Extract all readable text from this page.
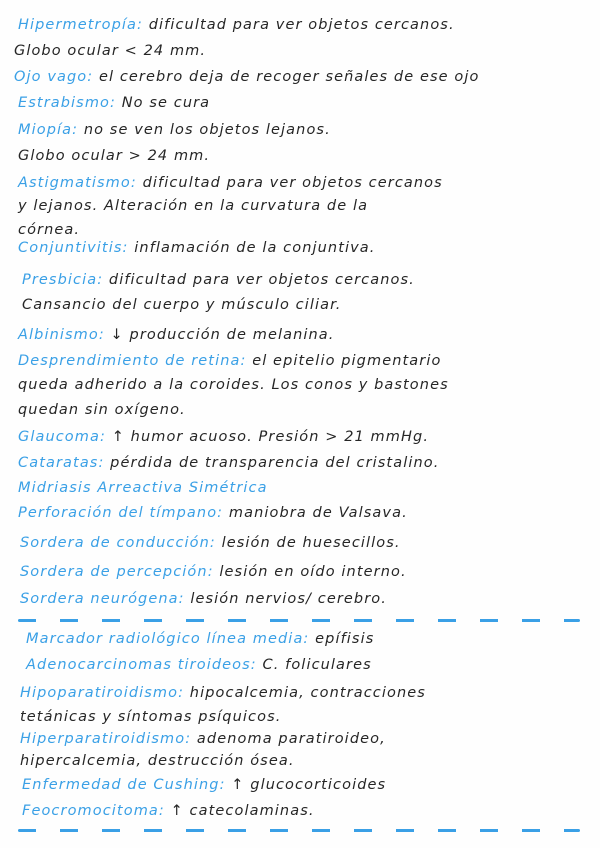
Hipermetropía: dificultad para ver objetos cercanos.
Globo ocular < 24 mm.
Ojo vago: el cerebro deja de recoger señales de ese ojo
Estrabismo: No se cura
Miopía: no se ven los objetos lejanos.
Globo ocular > 24 mm.
Astigmatismo: dificultad para ver objetos cercanos
y lejanos. Alteración en la curvatura de la
córnea.
Conjuntivitis: inflamación de la conjuntiva.
Presbicia: dificultad para ver objetos cercanos.
Cansancio del cuerpo y músculo ciliar.
Albinismo: ↓ producción de melanina.
Desprendimiento de retina: el epitelio pigmentario
queda adherido a la coroides. Los conos y bastones
quedan sin oxígeno.
Glaucoma: ↑ humor acuoso. Presión > 21 mmHg.
Cataratas: pérdida de transparencia del cristalino.
Midriasis Arreactiva Simétrica
Perforación del tímpano: maniobra de Valsava.
Sordera de conducción: lesión de huesecillos.
Sordera de percepción: lesión en oído interno.
Sordera neurógena: lesión nervios/ cerebro.
Marcador radiológico línea media: epífisis
Adenocarcinomas tiroideos: C. foliculares
Hipoparatiroidismo: hipocalcemia, contracciones
tetánicas y síntomas psíquicos.
Hiperparatiroidismo: adenoma paratiroideo,
hipercalcemia, destrucción ósea.
Enfermedad de Cushing: ↑ glucocorticoides
Feocromocitoma: ↑ catecolaminas.
